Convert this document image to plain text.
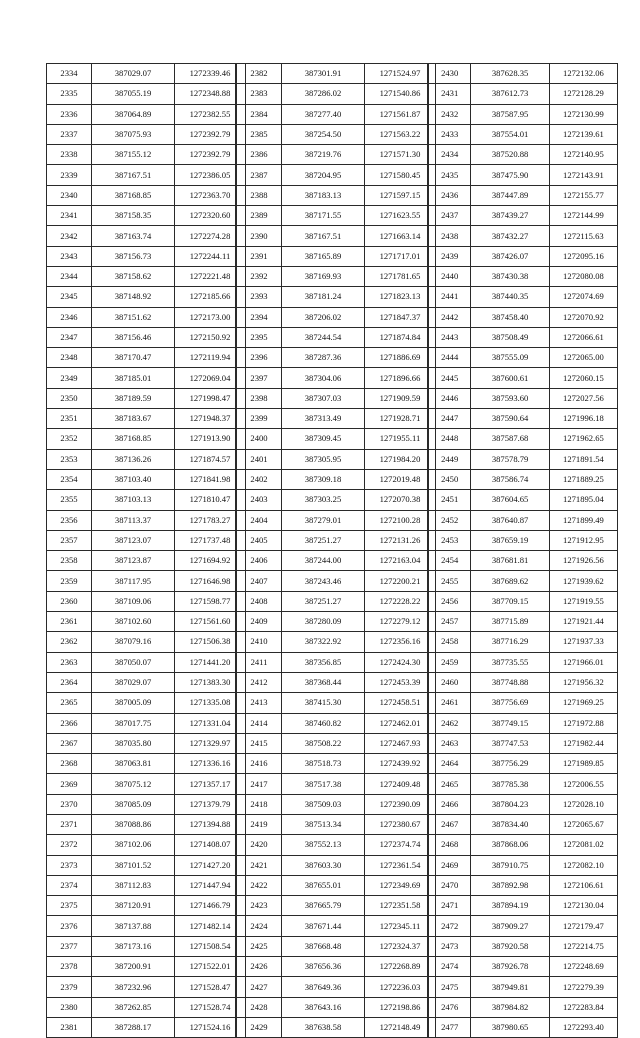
2334	387029.07	1272339.46
2335	387055.19	1272348.88
2336	387064.89	1272382.55
2337	387075.93	1272392.79
2338	387155.12	1272392.79
2339	387167.51	1272386.05
2340	387168.85	1272363.70
2341	387158.35	1272320.60
2342	387163.74	1272274.28
2343	387156.73	1272244.11
2344	387158.62	1272221.48
2345	387148.92	1272185.66
2346	387151.62	1272173.00
2347	387156.46	1272150.92
2348	387170.47	1272119.94
2349	387185.01	1272069.04
2350	387189.59	1271998.47
2351	387183.67	1271948.37
2352	387168.85	1271913.90
2353	387136.26	1271874.57
2354	387103.40	1271841.98
2355	387103.13	1271810.47
2356	387113.37	1271783.27
2357	387123.07	1271737.48
2358	387123.87	1271694.92
2359	387117.95	1271646.98
2360	387109.06	1271598.77
2361	387102.60	1271561.60
2362	387079.16	1271506.38
2363	387050.07	1271441.20
2364	387029.07	1271383.30
2365	387005.09	1271335.08
2366	387017.75	1271331.04
2367	387035.80	1271329.97
2368	387063.81	1271336.16
2369	387075.12	1271357.17
2370	387085.09	1271379.79
2371	387088.86	1271394.88
2372	387102.06	1271408.07
2373	387101.52	1271427.20
2374	387112.83	1271447.94
2375	387120.91	1271466.79
2376	387137.88	1271482.14
2377	387173.16	1271508.54
2378	387200.91	1271522.01
2379	387232.96	1271528.47
2380	387262.85	1271528.74
2381	387288.17	1271524.16
2382	387301.91	1271524.97
2383	387286.02	1271540.86
2384	387277.40	1271561.87
2385	387254.50	1271563.22
2386	387219.76	1271571.30
2387	387204.95	1271580.45
2388	387183.13	1271597.15
2389	387171.55	1271623.55
2390	387167.51	1271663.14
2391	387165.89	1271717.01
2392	387169.93	1271781.65
2393	387181.24	1271823.13
2394	387206.02	1271847.37
2395	387244.54	1271874.84
2396	387287.36	1271886.69
2397	387304.06	1271896.66
2398	387307.03	1271909.59
2399	387313.49	1271928.71
2400	387309.45	1271955.11
2401	387305.95	1271984.20
2402	387309.18	1272019.48
2403	387303.25	1272070.38
2404	387279.01	1272100.28
2405	387251.27	1272131.26
2406	387244.00	1272163.04
2407	387243.46	1272200.21
2408	387251.27	1272228.22
2409	387280.09	1272279.12
2410	387322.92	1272356.16
2411	387356.85	1272424.30
2412	387368.44	1272453.39
2413	387415.30	1272458.51
2414	387460.82	1272462.01
2415	387508.22	1272467.93
2416	387518.73	1272439.92
2417	387517.38	1272409.48
2418	387509.03	1272390.09
2419	387513.34	1272380.67
2420	387552.13	1272374.74
2421	387603.30	1272361.54
2422	387655.01	1272349.69
2423	387665.79	1272351.58
2424	387671.44	1272345.11
2425	387668.48	1272324.37
2426	387656.36	1272268.89
2427	387649.36	1272236.03
2428	387643.16	1272198.86
2429	387638.58	1272148.49
2430	387628.35	1272132.06
2431	387612.73	1272128.29
2432	387587.95	1272130.99
2433	387554.01	1272139.61
2434	387520.88	1272140.95
2435	387475.90	1272143.91
2436	387447.89	1272155.77
2437	387439.27	1272144.99
2438	387432.27	1272115.63
2439	387426.07	1272095.16
2440	387430.38	1272080.08
2441	387440.35	1272074.69
2442	387458.40	1272070.92
2443	387508.49	1272066.61
2444	387555.09	1272065.00
2445	387600.61	1272060.15
2446	387593.60	1272027.56
2447	387590.64	1271996.18
2448	387587.68	1271962.65
2449	387578.79	1271891.54
2450	387586.74	1271889.25
2451	387604.65	1271895.04
2452	387640.87	1271899.49
2453	387659.19	1271912.95
2454	387681.81	1271926.56
2455	387689.62	1271939.62
2456	387709.15	1271919.55
2457	387715.89	1271921.44
2458	387716.29	1271937.33
2459	387735.55	1271966.01
2460	387748.88	1271956.32
2461	387756.69	1271969.25
2462	387749.15	1271972.88
2463	387747.53	1271982.44
2464	387756.29	1271989.85
2465	387785.38	1272006.55
2466	387804.23	1272028.10
2467	387834.40	1272065.67
2468	387868.06	1272081.02
2469	387910.75	1272082.10
2470	387892.98	1272106.61
2471	387894.19	1272130.04
2472	387909.27	1272179.47
2473	387920.58	1272214.75
2474	387926.78	1272248.69
2475	387949.81	1272279.39
2476	387984.82	1272283.84
2477	387980.65	1272293.40
